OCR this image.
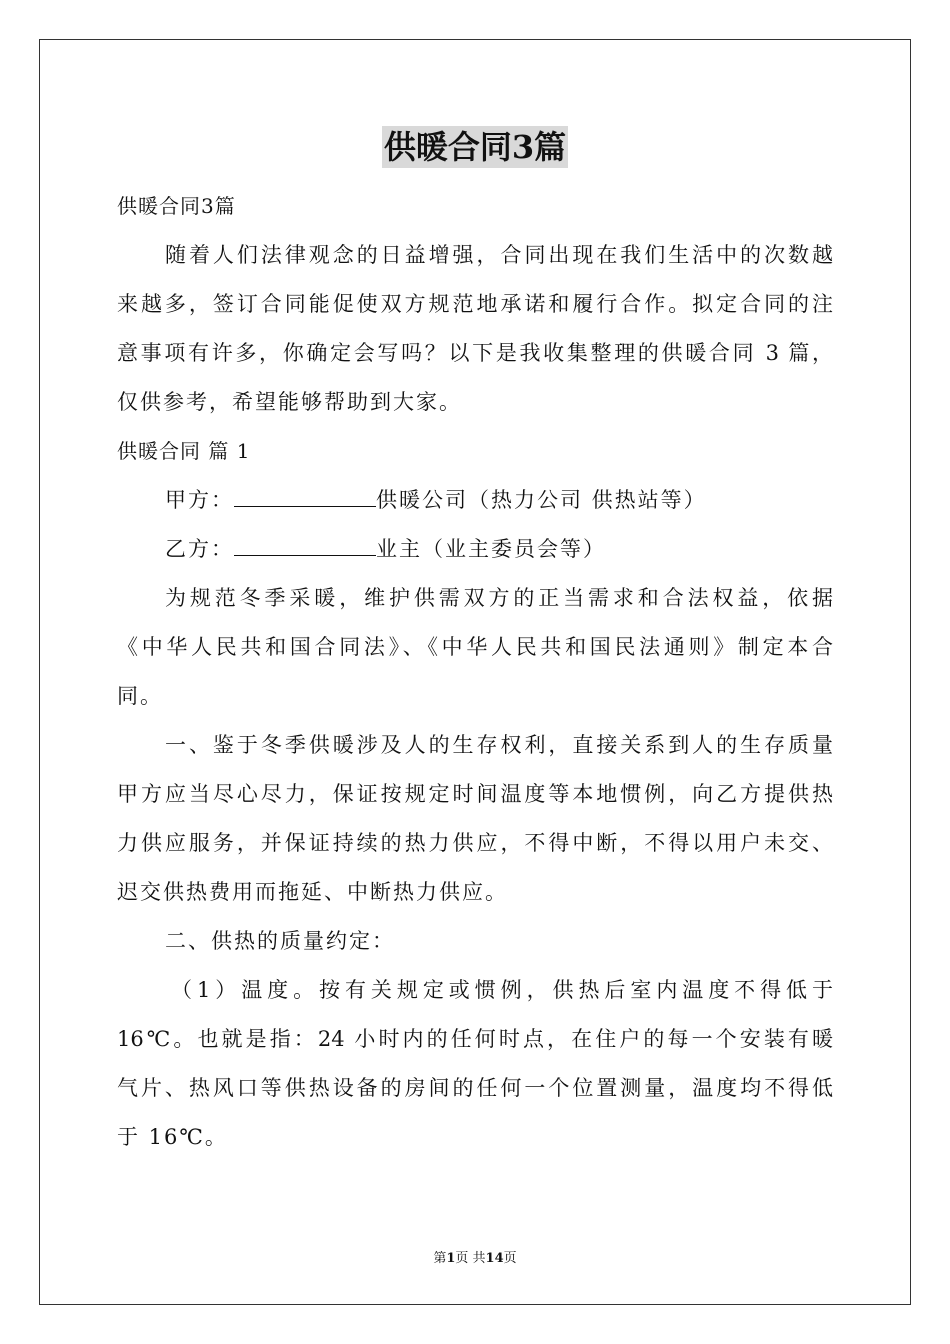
供暖合同3篇
供暖合同3篇
随着人们法律观念的日益增强，合同出现在我们生活中的次数越
来越多，签订合同能促使双方规范地承诺和履行合作。拟定合同的注
意事项有许多，你确定会写吗？以下是我收集整理的供暖合同 3 篇，
仅供参考，希望能够帮助到大家。
供暖合同 篇 1
甲方：	供暖公司（热力公司 供热站等）
乙方：	业主（业主委员会等）
为规范冬季采暖，维护供需双方的正当需求和合法权益，依据
《中华人民共和国合同法》、《中华人民共和国民法通则》制定本合
同。
一、鉴于冬季供暖涉及人的生存权利，直接关系到人的生存质量
甲方应当尽心尽力，保证按规定时间温度等本地惯例，向乙方提供热
力供应服务，并保证持续的热力供应，不得中断，不得以用户未交、
迟交供热费用而拖延、中断热力供应。
二、供热的质量约定：
（1）温度。按有关规定或惯例，供热后室内温度不得低于
16℃。也就是指：24 小时内的任何时点，在住户的每一个安装有暖
气片、热风口等供热设备的房间的任何一个位置测量，温度均不得低
于 16℃。
第1页 共14页
